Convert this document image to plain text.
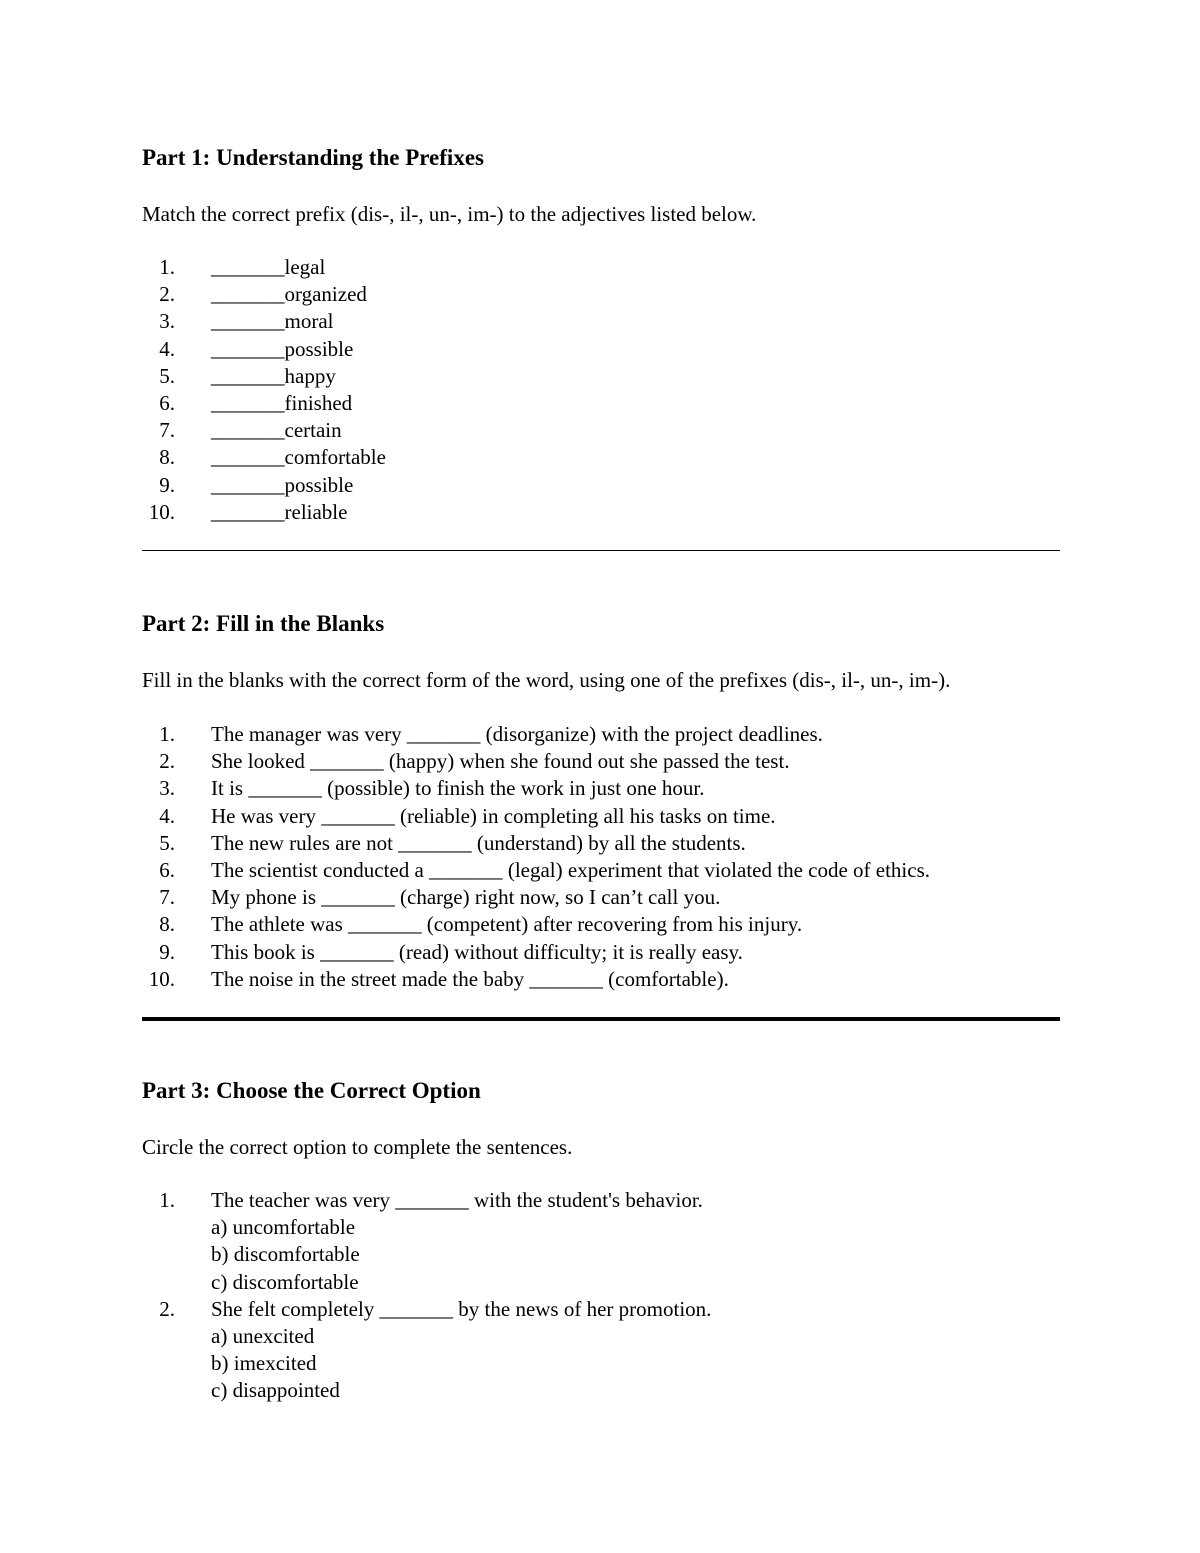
Part 1: Understanding the Prefixes

Match the correct prefix (dis-, il-, un-, im-) to the adjectives listed below.

1. _______legal
2. _______organized
3. _______moral
4. _______possible
5. _______happy
6. _______finished
7. _______certain
8. _______comfortable
9. _______possible
10. _______reliable
Part 2: Fill in the Blanks

Fill in the blanks with the correct form of the word, using one of the prefixes (dis-, il-, un-, im-).

1. The manager was very _______ (disorganize) with the project deadlines.
2. She looked _______ (happy) when she found out she passed the test.
3. It is _______ (possible) to finish the work in just one hour.
4. He was very _______ (reliable) in completing all his tasks on time.
5. The new rules are not _______ (understand) by all the students.
6. The scientist conducted a _______ (legal) experiment that violated the code of ethics.
7. My phone is _______ (charge) right now, so I can’t call you.
8. The athlete was _______ (competent) after recovering from his injury.
9. This book is _______ (read) without difficulty; it is really easy.
10. The noise in the street made the baby _______ (comfortable).
Part 3: Choose the Correct Option

Circle the correct option to complete the sentences.

1.	The teacher was very _______ with the student's behavior.
a) uncomfortable
b) discomfortable
c) discomfortable
2.	She felt completely _______ by the news of her promotion.
a) unexcited
b) imexcited
c) disappointed
